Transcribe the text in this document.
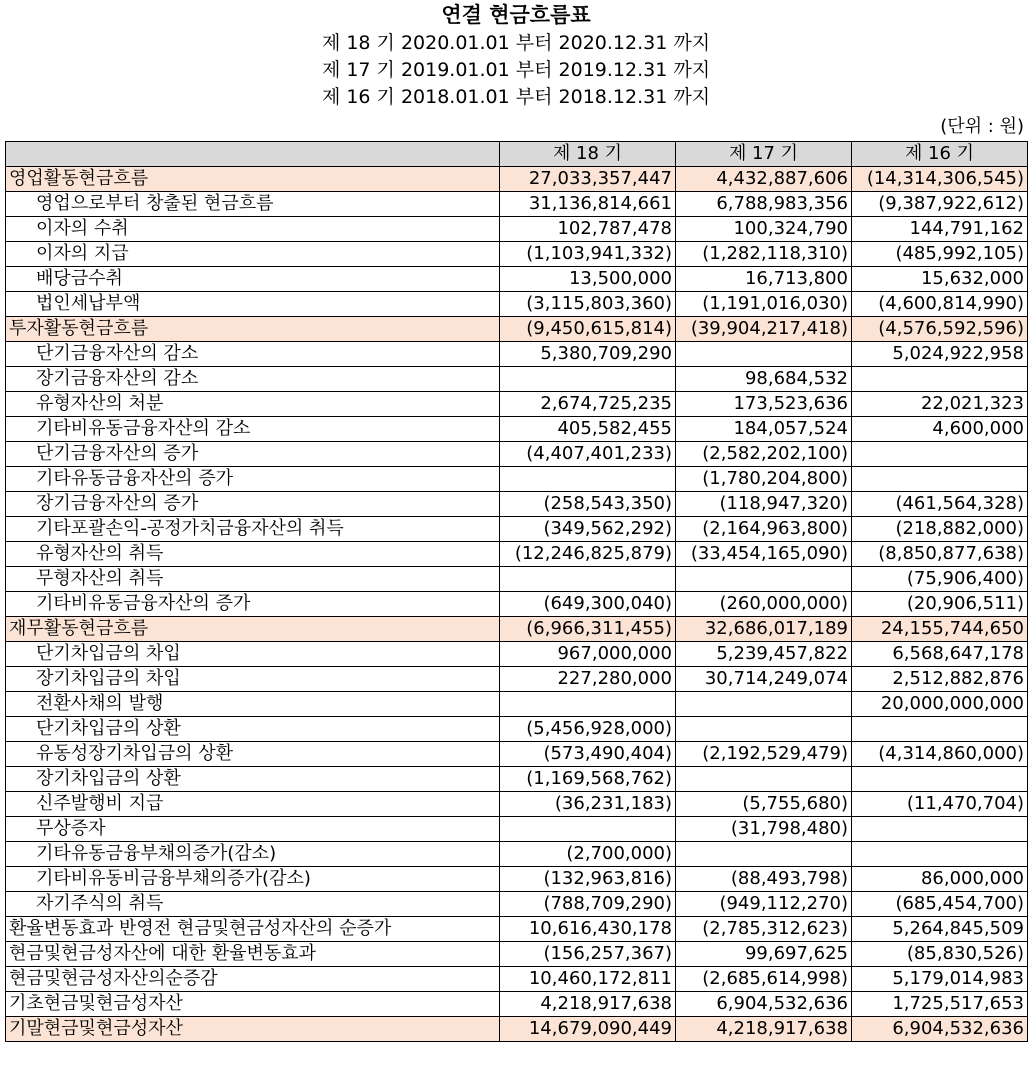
연결 현금흐름표
제 18 기 2020.01.01 부터 2020.12.31 까지
제 17 기 2019.01.01 부터 2019.12.31 까지
제 16 기 2018.01.01 부터 2018.12.31 까지
(단위 : 원)
	제 18 기	제 17 기	제 16 기
영업활동현금흐름	27,033,357,447	4,432,887,606	(14,314,306,545)
영업으로부터 창출된 현금흐름	31,136,814,661	6,788,983,356	(9,387,922,612)
이자의 수취	102,787,478	100,324,790	144,791,162
이자의 지급	(1,103,941,332)	(1,282,118,310)	(485,992,105)
배당금수취	13,500,000	16,713,800	15,632,000
법인세납부액	(3,115,803,360)	(1,191,016,030)	(4,600,814,990)
투자활동현금흐름	(9,450,615,814)	(39,904,217,418)	(4,576,592,596)
단기금융자산의 감소	5,380,709,290		5,024,922,958
장기금융자산의 감소		98,684,532	
유형자산의 처분	2,674,725,235	173,523,636	22,021,323
기타비유동금융자산의 감소	405,582,455	184,057,524	4,600,000
단기금융자산의 증가	(4,407,401,233)	(2,582,202,100)	
기타유동금융자산의 증가		(1,780,204,800)	
장기금융자산의 증가	(258,543,350)	(118,947,320)	(461,564,328)
기타포괄손익-공정가치금융자산의 취득	(349,562,292)	(2,164,963,800)	(218,882,000)
유형자산의 취득	(12,246,825,879)	(33,454,165,090)	(8,850,877,638)
무형자산의 취득			(75,906,400)
기타비유동금융자산의 증가	(649,300,040)	(260,000,000)	(20,906,511)
재무활동현금흐름	(6,966,311,455)	32,686,017,189	24,155,744,650
단기차입금의 차입	967,000,000	5,239,457,822	6,568,647,178
장기차입금의 차입	227,280,000	30,714,249,074	2,512,882,876
전환사채의 발행			20,000,000,000
단기차입금의 상환	(5,456,928,000)		
유동성장기차입금의 상환	(573,490,404)	(2,192,529,479)	(4,314,860,000)
장기차입금의 상환	(1,169,568,762)		
신주발행비 지급	(36,231,183)	(5,755,680)	(11,470,704)
무상증자		(31,798,480)	
기타유동금융부채의증가(감소)	(2,700,000)		
기타비유동비금융부채의증가(감소)	(132,963,816)	(88,493,798)	86,000,000
자기주식의 취득	(788,709,290)	(949,112,270)	(685,454,700)
환율변동효과 반영전 현금및현금성자산의 순증가	10,616,430,178	(2,785,312,623)	5,264,845,509
현금및현금성자산에 대한 환율변동효과	(156,257,367)	99,697,625	(85,830,526)
현금및현금성자산의순증감	10,460,172,811	(2,685,614,998)	5,179,014,983
기초현금및현금성자산	4,218,917,638	6,904,532,636	1,725,517,653
기말현금및현금성자산	14,679,090,449	4,218,917,638	6,904,532,636
